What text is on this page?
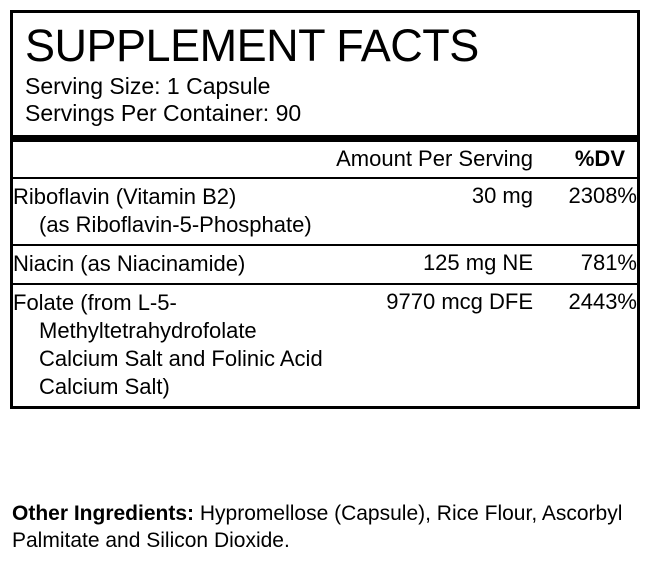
SUPPLEMENT FACTS
Serving Size: 1 Capsule
Servings Per Container: 90
	Amount Per Serving	%DV
Riboflavin (Vitamin B2)
(as Riboflavin-5-Phosphate)	30 mg	2308%
Niacin (as Niacinamide)	125 mg NE	781%
Folate (from L-5-
Methyltetrahydrofolate Calcium Salt and Folinic Acid Calcium Salt)	9770 mcg DFE	2443%
Other Ingredients: Hypromellose (Capsule), Rice Flour, Ascorbyl Palmitate and Silicon Dioxide.
